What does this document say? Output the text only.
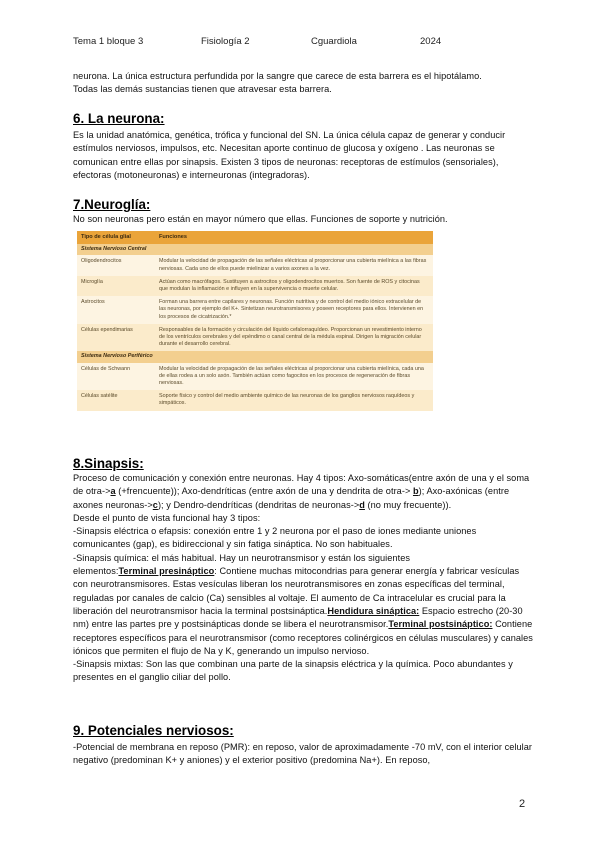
Tema 1 bloque 3	Fisiología 2	Cguardiola	2024

neurona. La única estructura perfundida por la sangre que carece de esta barrera es el hipotálamo.

Todas las demás sustancias tienen que atravesar esta barrera.

6. La neurona:

Es la unidad anatómica, genética, trófica y funcional del SN. La única célula capaz de generar y conducir estímulos nerviosos, impulsos, etc. Necesitan aporte continuo de glucosa y oxígeno . Las neuronas se comunican entre ellas por sinapsis. Existen 3 tipos de neuronas: receptoras de estímulos (sensoriales), efectoras (motoneuronas) e interneuronas (integradoras).

7.Neuroglía:

No son neuronas pero están en mayor número que ellas. Funciones de soporte y nutrición.

Tipo de célula glial	Funciones
Sistema Nervioso Central	
Oligodendrocitos	Modular la velocidad de propagación de las señales eléctricas al proporcionar una cubierta mielínica a las fibras nerviosas. Cada uno de ellos puede mielinizar a varios axones a la vez.
Microglía	Actúan como macrófagos. Sustituyen a astrocitos y oligodendrocitos muertos. Son fuente de ROS y citocinas que modulan la inflamación e influyen en la supervivencia o muerte celular.
Astrocitos	Forman una barrera entre capilares y neuronas. Función nutritiva y de control del medio iónico extracelular de las neuronas, por ejemplo del K+. Sintetizan neurotransmisores y poseen receptores para ellos. Intervienen en los procesos de cicatrización.*
Células ependimarias	Responsables de la formación y circulación del líquido cefalorraquídeo. Proporcionan un revestimiento interno de los ventrículos cerebrales y del epéndimo o canal central de la médula espinal. Dirigen la migración celular durante el desarrollo cerebral.
Sistema Nervioso Periférico	
Células de Schwann	Modular la velocidad de propagación de las señales eléctricas al proporcionar una cubierta mielínica, cada una de ellas rodea a un solo axón. También actúan como fagocitos en los procesos de regeneración de fibras nerviosas.
Células satélite	Soporte físico y control del medio ambiente químico de las neuronas de los ganglios nerviosos raquídeos y simpáticos.
8.Sinapsis:

Proceso de comunicación y conexión entre neuronas. Hay 4 tipos: Axo-somáticas(entre axón de una y el soma de otra->a (+frencuente)); Axo-dendríticas (entre axón de una y dendrita de otra-> b); Axo-axónicas (entre axones neuronas->c); y Dendro-dendríticas (dendritas de neuronas->d (no muy frecuente)).

Desde el punto de vista funcional hay 3 tipos:

-Sinapsis eléctrica o efapsis: conexión entre 1 y 2 neurona por el paso de iones mediante uniones comunicantes (gap), es bidireccional y sin fatiga sináptica. No son habituales.

-Sinapsis química: el más habitual. Hay un neurotransmisor y están los siguientes

elementos:Terminal presináptico: Contiene muchas mitocondrias para generar energía y fabricar vesículas con neurotransmisores. Estas vesículas liberan los neurotransmisores en zonas específicas del terminal, reguladas por canales de calcio (Ca) sensibles al voltaje. El aumento de Ca intracelular es crucial para la liberación del neurotransmisor hacia la terminal postsináptica.Hendidura sináptica: Espacio estrecho (20-30 nm) entre las partes pre y postsinápticas donde se libera el neurotransmisor.Terminal postsináptico: Contiene receptores específicos para el neurotransmisor (como receptores colinérgicos en células musculares) y canales iónicos que permiten el flujo de Na y K, generando un impulso nervioso.

-Sinapsis mixtas: Son las que combinan una parte de la sinapsis eléctrica y la química. Poco abundantes y presentes en el ganglio ciliar del pollo.

9. Potenciales nerviosos:

-Potencial de membrana en reposo (PMR): en reposo, valor de aproximadamente -70 mV, con el interior celular negativo (predominan K+ y aniones) y el exterior positivo (predomina Na+). En reposo,

2
